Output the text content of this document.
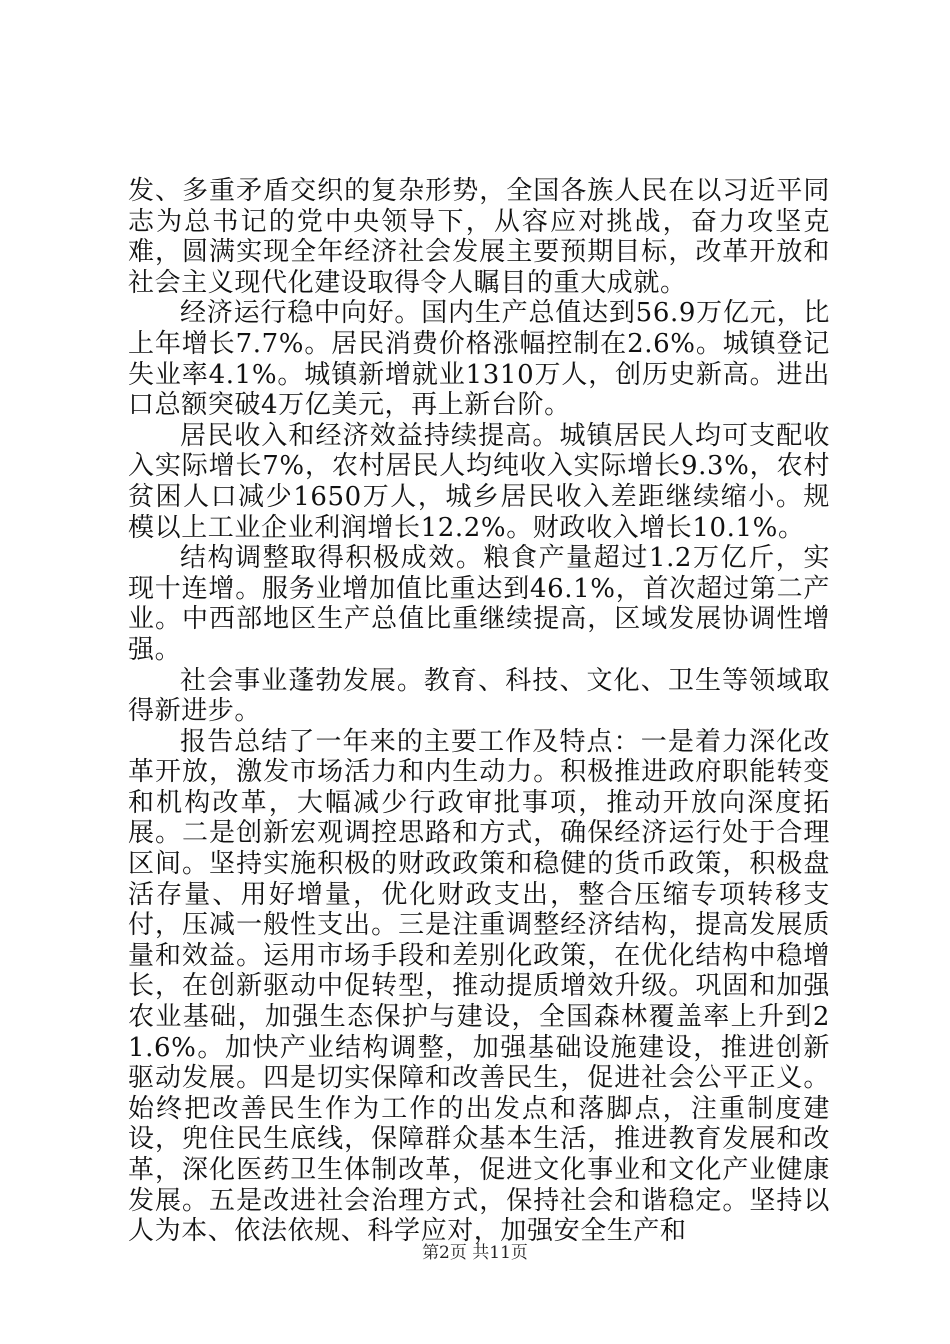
发、多重矛盾交织的复杂形势，全国各族人民在以习近平同志为总书记的党中央领导下，从容应对挑战，奋力攻坚克难，圆满实现全年经济社会发展主要预期目标，改革开放和社会主义现代化建设取得令人瞩目的重大成就。

经济运行稳中向好。国内生产总值达到56.9万亿元，比上年增长7.7%。居民消费价格涨幅控制在2.6%。城镇登记失业率4.1%。城镇新增就业1310万人，创历史新高。进出口总额突破4万亿美元，再上新台阶。

居民收入和经济效益持续提高。城镇居民人均可支配收入实际增长7%，农村居民人均纯收入实际增长9.3%，农村贫困人口减少1650万人，城乡居民收入差距继续缩小。规模以上工业企业利润增长12.2%。财政收入增长10.1%。

结构调整取得积极成效。粮食产量超过1.2万亿斤，实现十连增。服务业增加值比重达到46.1%，首次超过第二产业。中西部地区生产总值比重继续提高，区域发展协调性增强。

社会事业蓬勃发展。教育、科技、文化、卫生等领域取得新进步。

报告总结了一年来的主要工作及特点：一是着力深化改革开放，激发市场活力和内生动力。积极推进政府职能转变和机构改革，大幅减少行政审批事项，推动开放向深度拓展。二是创新宏观调控思路和方式，确保经济运行处于合理区间。坚持实施积极的财政政策和稳健的货币政策，积极盘活存量、用好增量，优化财政支出，整合压缩专项转移支付，压减一般性支出。三是注重调整经济结构，提高发展质量和效益。运用市场手段和差别化政策，在优化结构中稳增长，在创新驱动中促转型，推动提质增效升级。巩固和加强农业基础，加强生态保护与建设，全国森林覆盖率上升到21.6%。加快产业结构调整，加强基础设施建设，推进创新驱动发展。四是切实保障和改善民生，促进社会公平正义。始终把改善民生作为工作的出发点和落脚点，注重制度建设，兜住民生底线，保障群众基本生活，推进教育发展和改革，深化医药卫生体制改革，促进文化事业和文化产业健康发展。五是改进社会治理方式，保持社会和谐稳定。坚持以人为本、依法依规、科学应对，加强安全生产和

第2页 共11页
